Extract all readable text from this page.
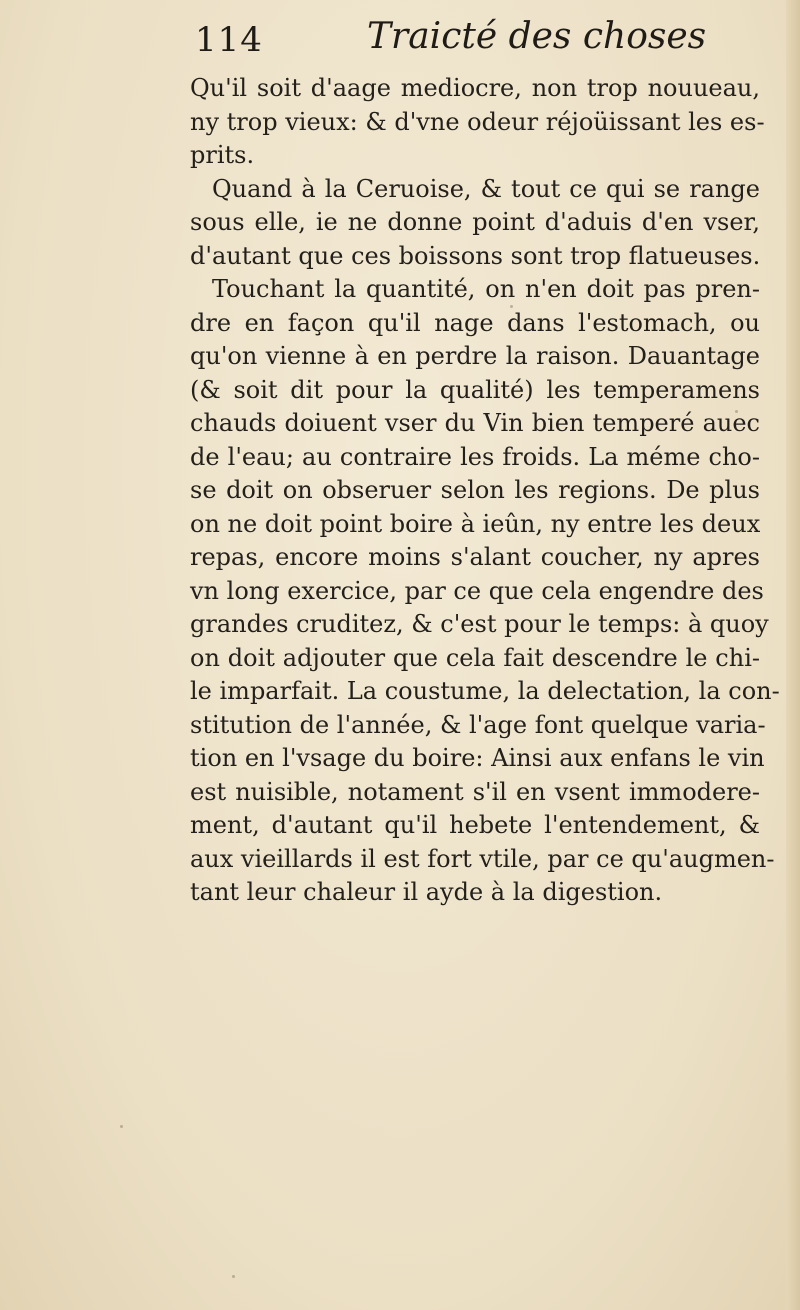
114	Traicté des choses
Qu'il soit d'aage mediocre, non trop nouueau,
ny trop vieux: & d'vne odeur réjoüissant les es-
prits.
Quand à la Ceruoise, & tout ce qui se range
sous elle, ie ne donne point d'aduis d'en vser,
d'autant que ces boissons sont trop flatueuses.
Touchant la quantité, on n'en doit pas pren-
dre en façon qu'il nage dans l'estomach, ou
qu'on vienne à en perdre la raison. Dauantage
(& soit dit pour la qualité) les temperamens
chauds doiuent vser du Vin bien temperé auec
de l'eau; au contraire les froids. La méme cho-
se doit on obseruer selon les regions. De plus
on ne doit point boire à ieûn, ny entre les deux
repas, encore moins s'alant coucher, ny apres
vn long exercice, par ce que cela engendre des
grandes cruditez, & c'est pour le temps: à quoy
on doit adjouter que cela fait descendre le chi-
le imparfait. La coustume, la delectation, la con-
stitution de l'année, & l'age font quelque varia-
tion en l'vsage du boire: Ainsi aux enfans le vin
est nuisible, notament s'il en vsent immodere-
ment, d'autant qu'il hebete l'entendement, &
aux vieillards il est fort vtile, par ce qu'augmen-
tant leur chaleur il ayde à la digestion.
